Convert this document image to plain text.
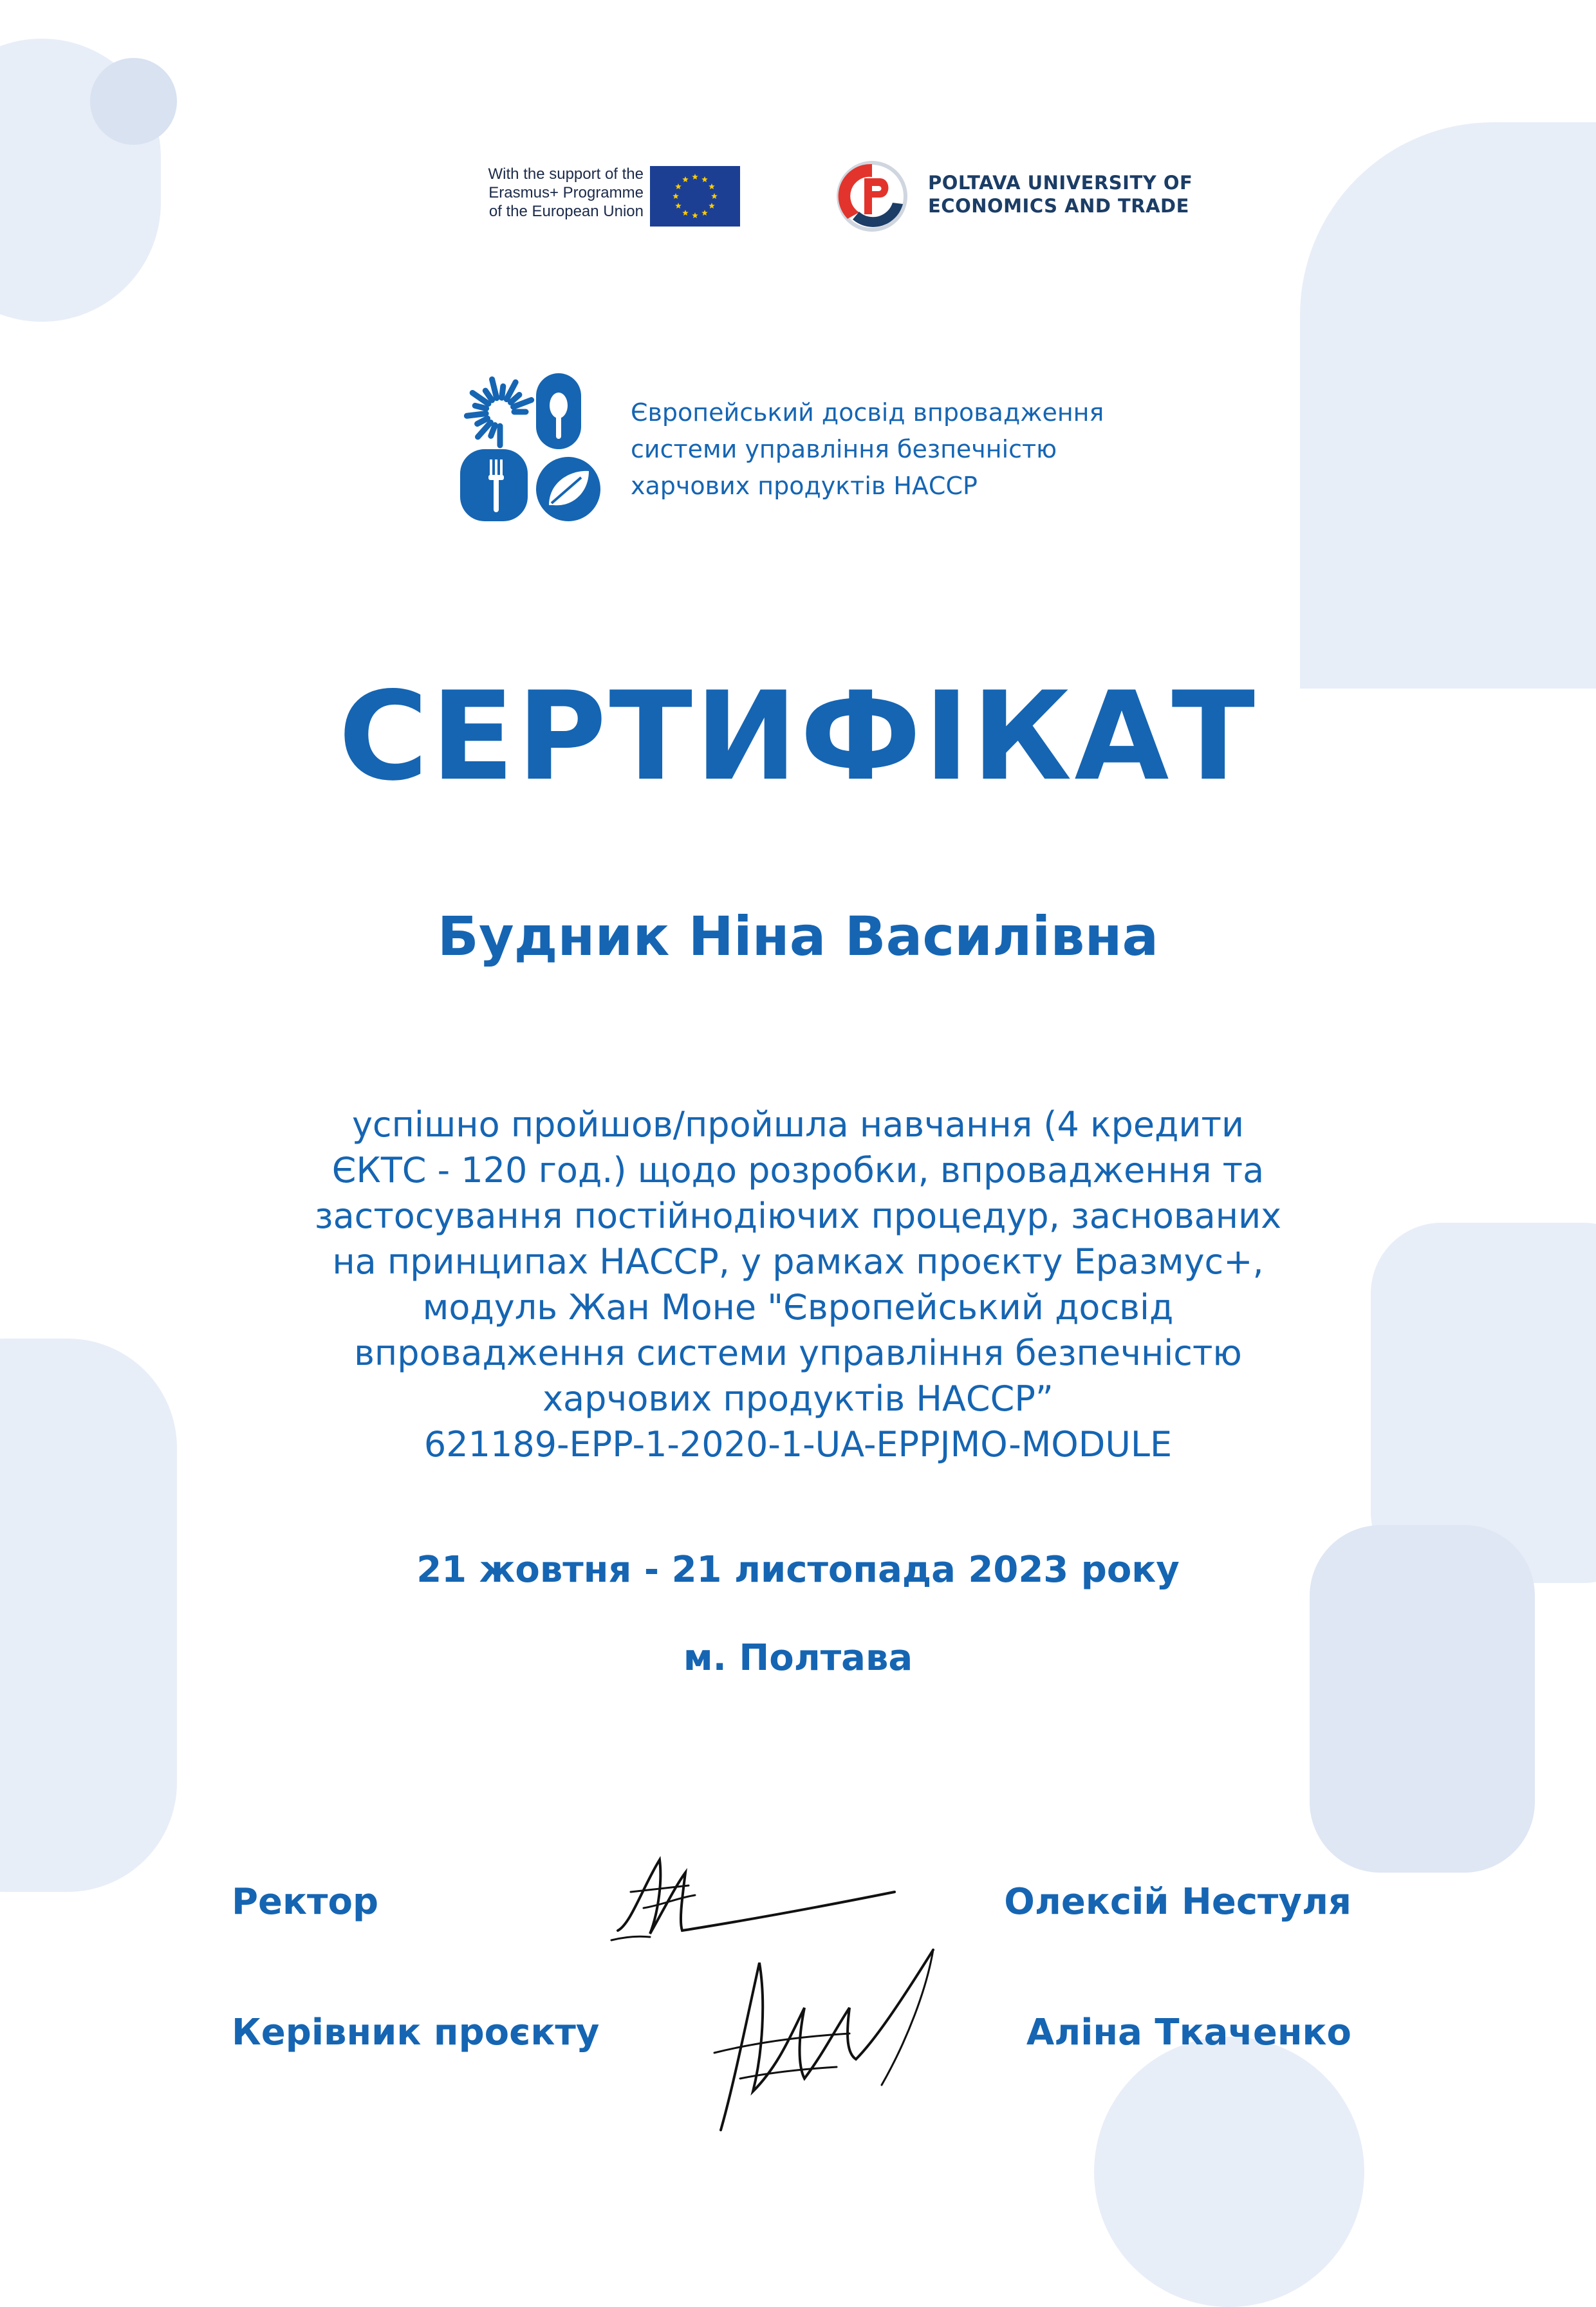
With the support of the
Erasmus+ Programme
of the European Union
POLTAVA UNIVERSITY OF
ECONOMICS AND TRADE
Європейський досвід впровадження
системи управління безпечністю
харчових продуктів НАССР
СЕРТИФІКАТ
Будник Ніна Василівна
успішно пройшов/пройшла навчання (4 кредити
ЄКТС - 120 год.) щодо розробки, впровадження та
застосування постійнодіючих процедур, заснованих
на принципах НАССР, у рамках проєкту Еразмус+,
модуль Жан Моне "Європейський досвід
впровадження системи управління безпечністю
харчових продуктів НАССР”
621189-EPP-1-2020-1-UA-EPPJMO-MODULE
21 жовтня - 21 листопада 2023 року
м. Полтава
Ректор	Олексій Нестуля
Керівник проєкту	Аліна Ткаченко
